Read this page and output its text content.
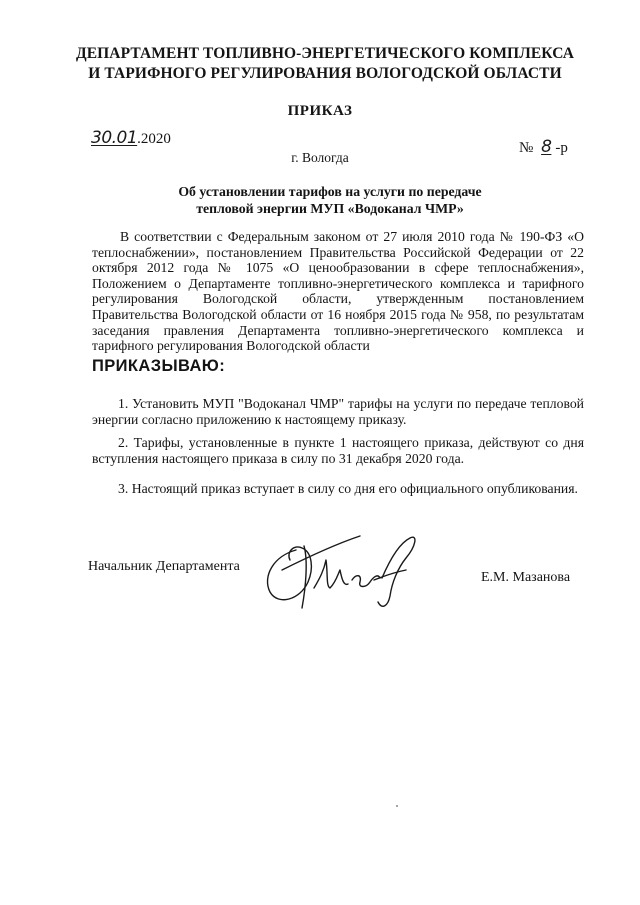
ДЕПАРТАМЕНТ ТОПЛИВНО-ЭНЕРГЕТИЧЕСКОГО КОМПЛЕКСА
И ТАРИФНОГО РЕГУЛИРОВАНИЯ ВОЛОГОДСКОЙ ОБЛАСТИ
ПРИКАЗ
30.01.2020
№ 8 -р
г. Вологда
Об установлении тарифов на услуги по передаче
тепловой энергии МУП «Водоканал ЧМР»

В соответствии с Федеральным законом от 27 июля 2010 года № 190-ФЗ «О теплоснабжении», постановлением Правительства Российской Федерации от 22 октября 2012 года № 1075 «О ценообразовании в сфере теплоснабжения», Положением о Департаменте топливно-энергетического комплекса и тарифного регулирования Вологодской области, утвержденным постановлением Правительства Вологодской области от 16 ноября 2015 года № 958, по результатам заседания правления Департамента топливно-энергетического комплекса и тарифного регулирования Вологодской области

ПРИКАЗЫВАЮ:

1. Установить МУП "Водоканал ЧМР" тарифы на услуги по передаче тепловой энергии согласно приложению к настоящему приказу.

2. Тарифы, установленные в пункте 1 настоящего приказа, действуют со дня вступления настоящего приказа в силу по 31 декабря 2020 года.

3. Настоящий приказ вступает в силу со дня его официального опубликования.

Начальник Департамента
Е.М. Мазанова
